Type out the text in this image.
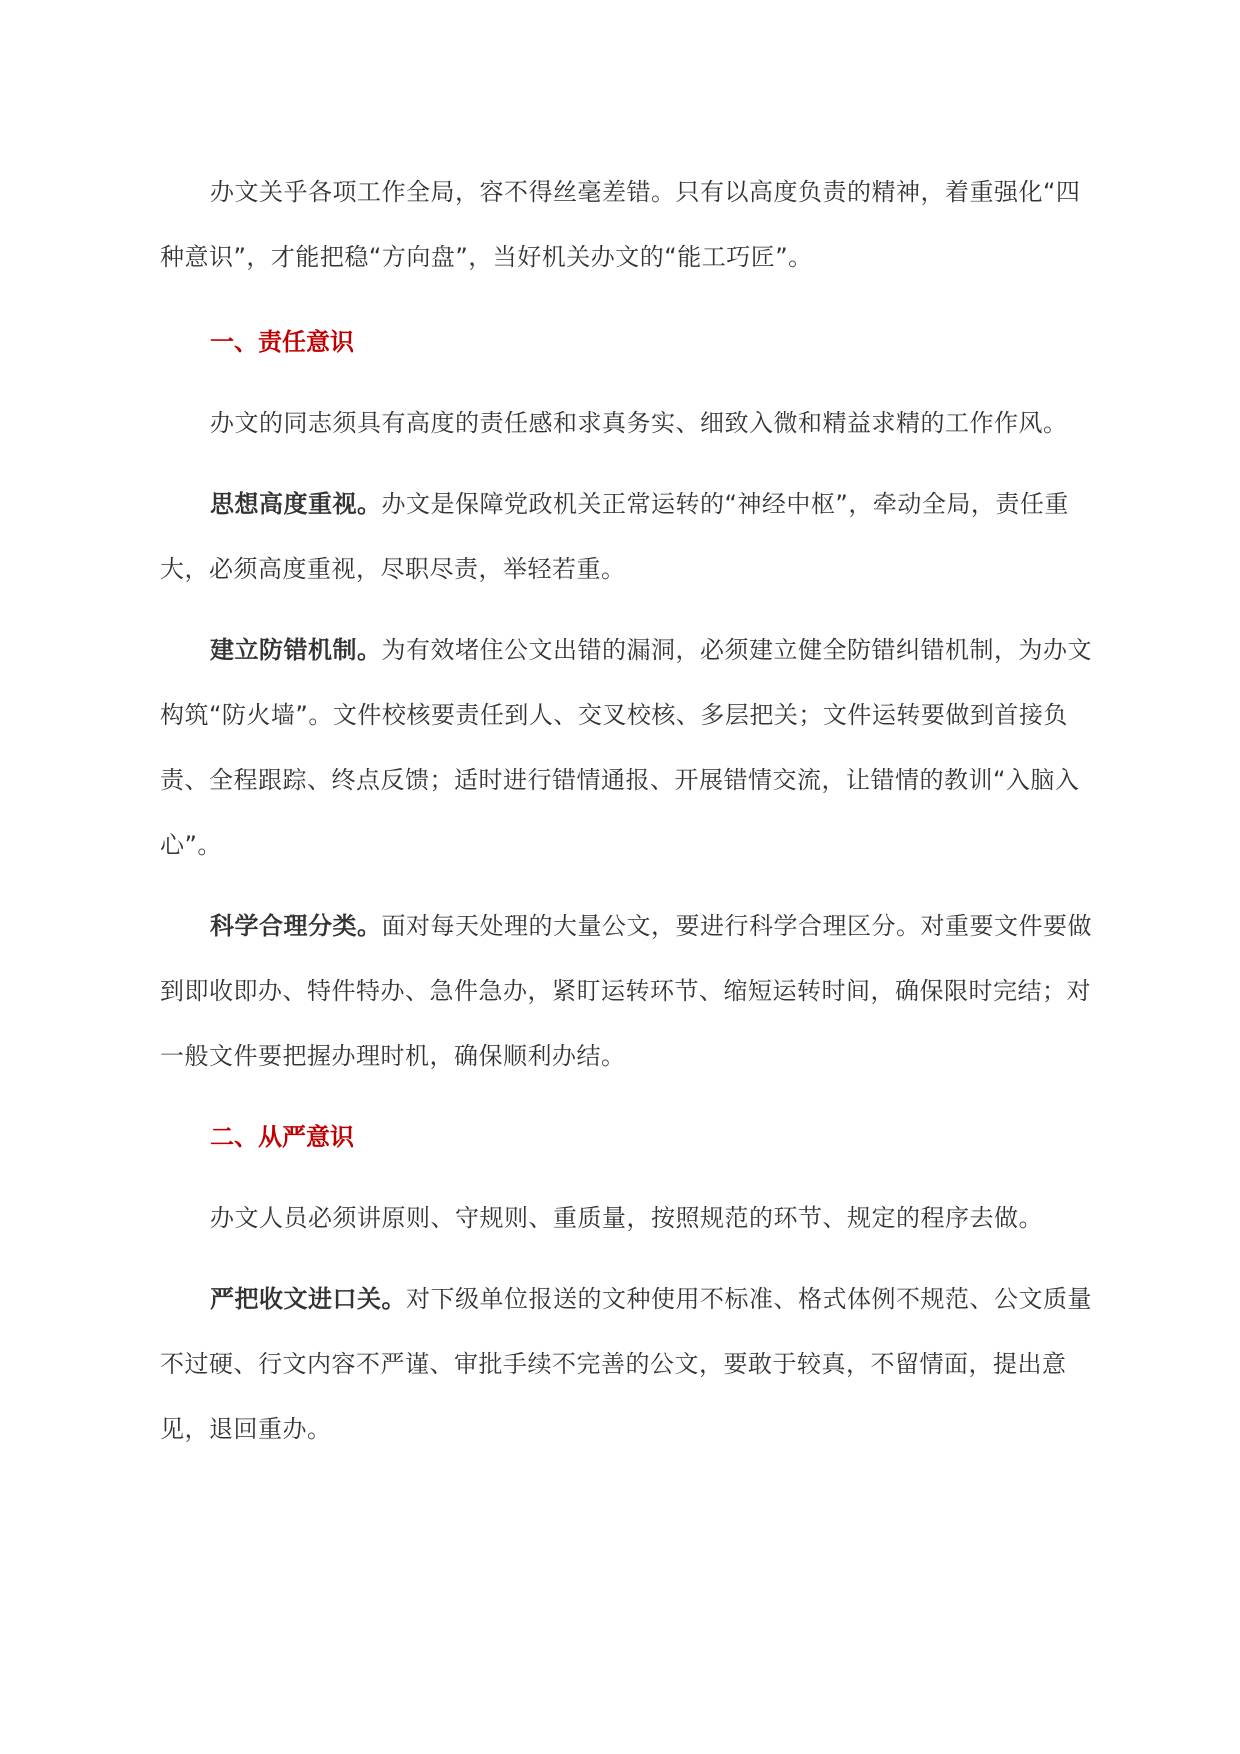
办文关乎各项工作全局，容不得丝毫差错。只有以高度负责的精神，着重强化“四种意识”，才能把稳“方向盘”，当好机关办文的“能工巧匠”。

一、责任意识

办文的同志须具有高度的责任感和求真务实、细致入微和精益求精的工作作风。

思想高度重视。办文是保障党政机关正常运转的“神经中枢”，牵动全局，责任重大，必须高度重视，尽职尽责，举轻若重。

建立防错机制。为有效堵住公文出错的漏洞，必须建立健全防错纠错机制，为办文构筑“防火墙”。文件校核要责任到人、交叉校核、多层把关；文件运转要做到首接负责、全程跟踪、终点反馈；适时进行错情通报、开展错情交流，让错情的教训“入脑入心”。

科学合理分类。面对每天处理的大量公文，要进行科学合理区分。对重要文件要做到即收即办、特件特办、急件急办，紧盯运转环节、缩短运转时间，确保限时完结；对一般文件要把握办理时机，确保顺利办结。

二、从严意识

办文人员必须讲原则、守规则、重质量，按照规范的环节、规定的程序去做。

严把收文进口关。对下级单位报送的文种使用不标准、格式体例不规范、公文质量不过硬、行文内容不严谨、审批手续不完善的公文，要敢于较真，不留情面，提出意见，退回重办。
